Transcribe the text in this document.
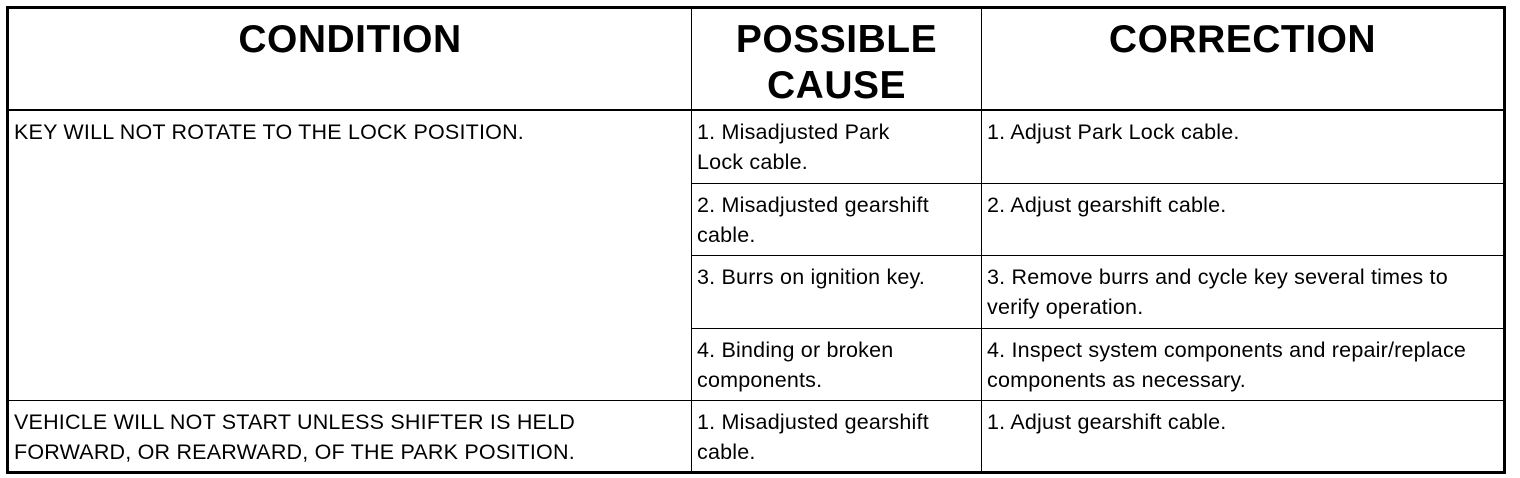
CONDITION	POSSIBLE CAUSE	CORRECTION
KEY WILL NOT ROTATE TO THE LOCK POSITION.	1. Misadjusted Park Lock cable.	1. Adjust Park Lock cable.
	2. Misadjusted gearshift cable.	2. Adjust gearshift cable.
	3. Burrs on ignition key.	3. Remove burrs and cycle key several times to verify operation.
	4. Binding or broken components.	4. Inspect system components and repair/replace components as necessary.
VEHICLE WILL NOT START UNLESS SHIFTER IS HELD FORWARD, OR REARWARD, OF THE PARK POSITION.	1. Misadjusted gearshift cable.	1. Adjust gearshift cable.
